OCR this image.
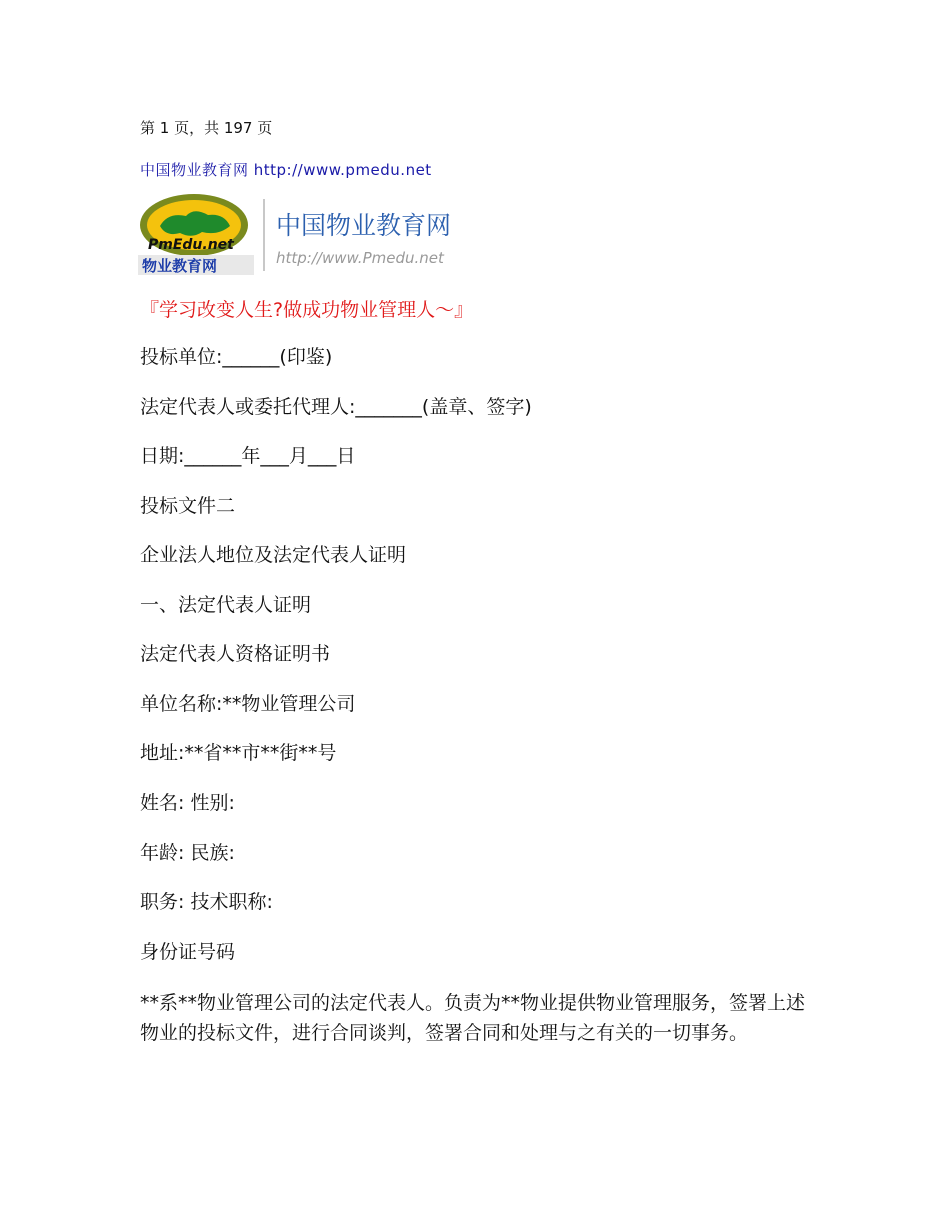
第 1 页，共 197 页
中国物业教育网 http://www.pmedu.net
PmEdu.net
物业教育网
中国物业教育网
http://www.Pmedu.net
『学习改变人生?做成功物业管理人～』
投标单位:______(印鉴)
法定代表人或委托代理人:_______(盖章、签字)
日期:______年___月___日
投标文件二
企业法人地位及法定代表人证明
一、法定代表人证明
法定代表人资格证明书
单位名称:**物业管理公司
地址:**省**市**街**号
姓名: 性别:
年龄: 民族:
职务: 技术职称:
身份证号码
**系**物业管理公司的法定代表人。负责为**物业提供物业管理服务，签署上述物业的投标文件，进行合同谈判，签署合同和处理与之有关的一切事务。
